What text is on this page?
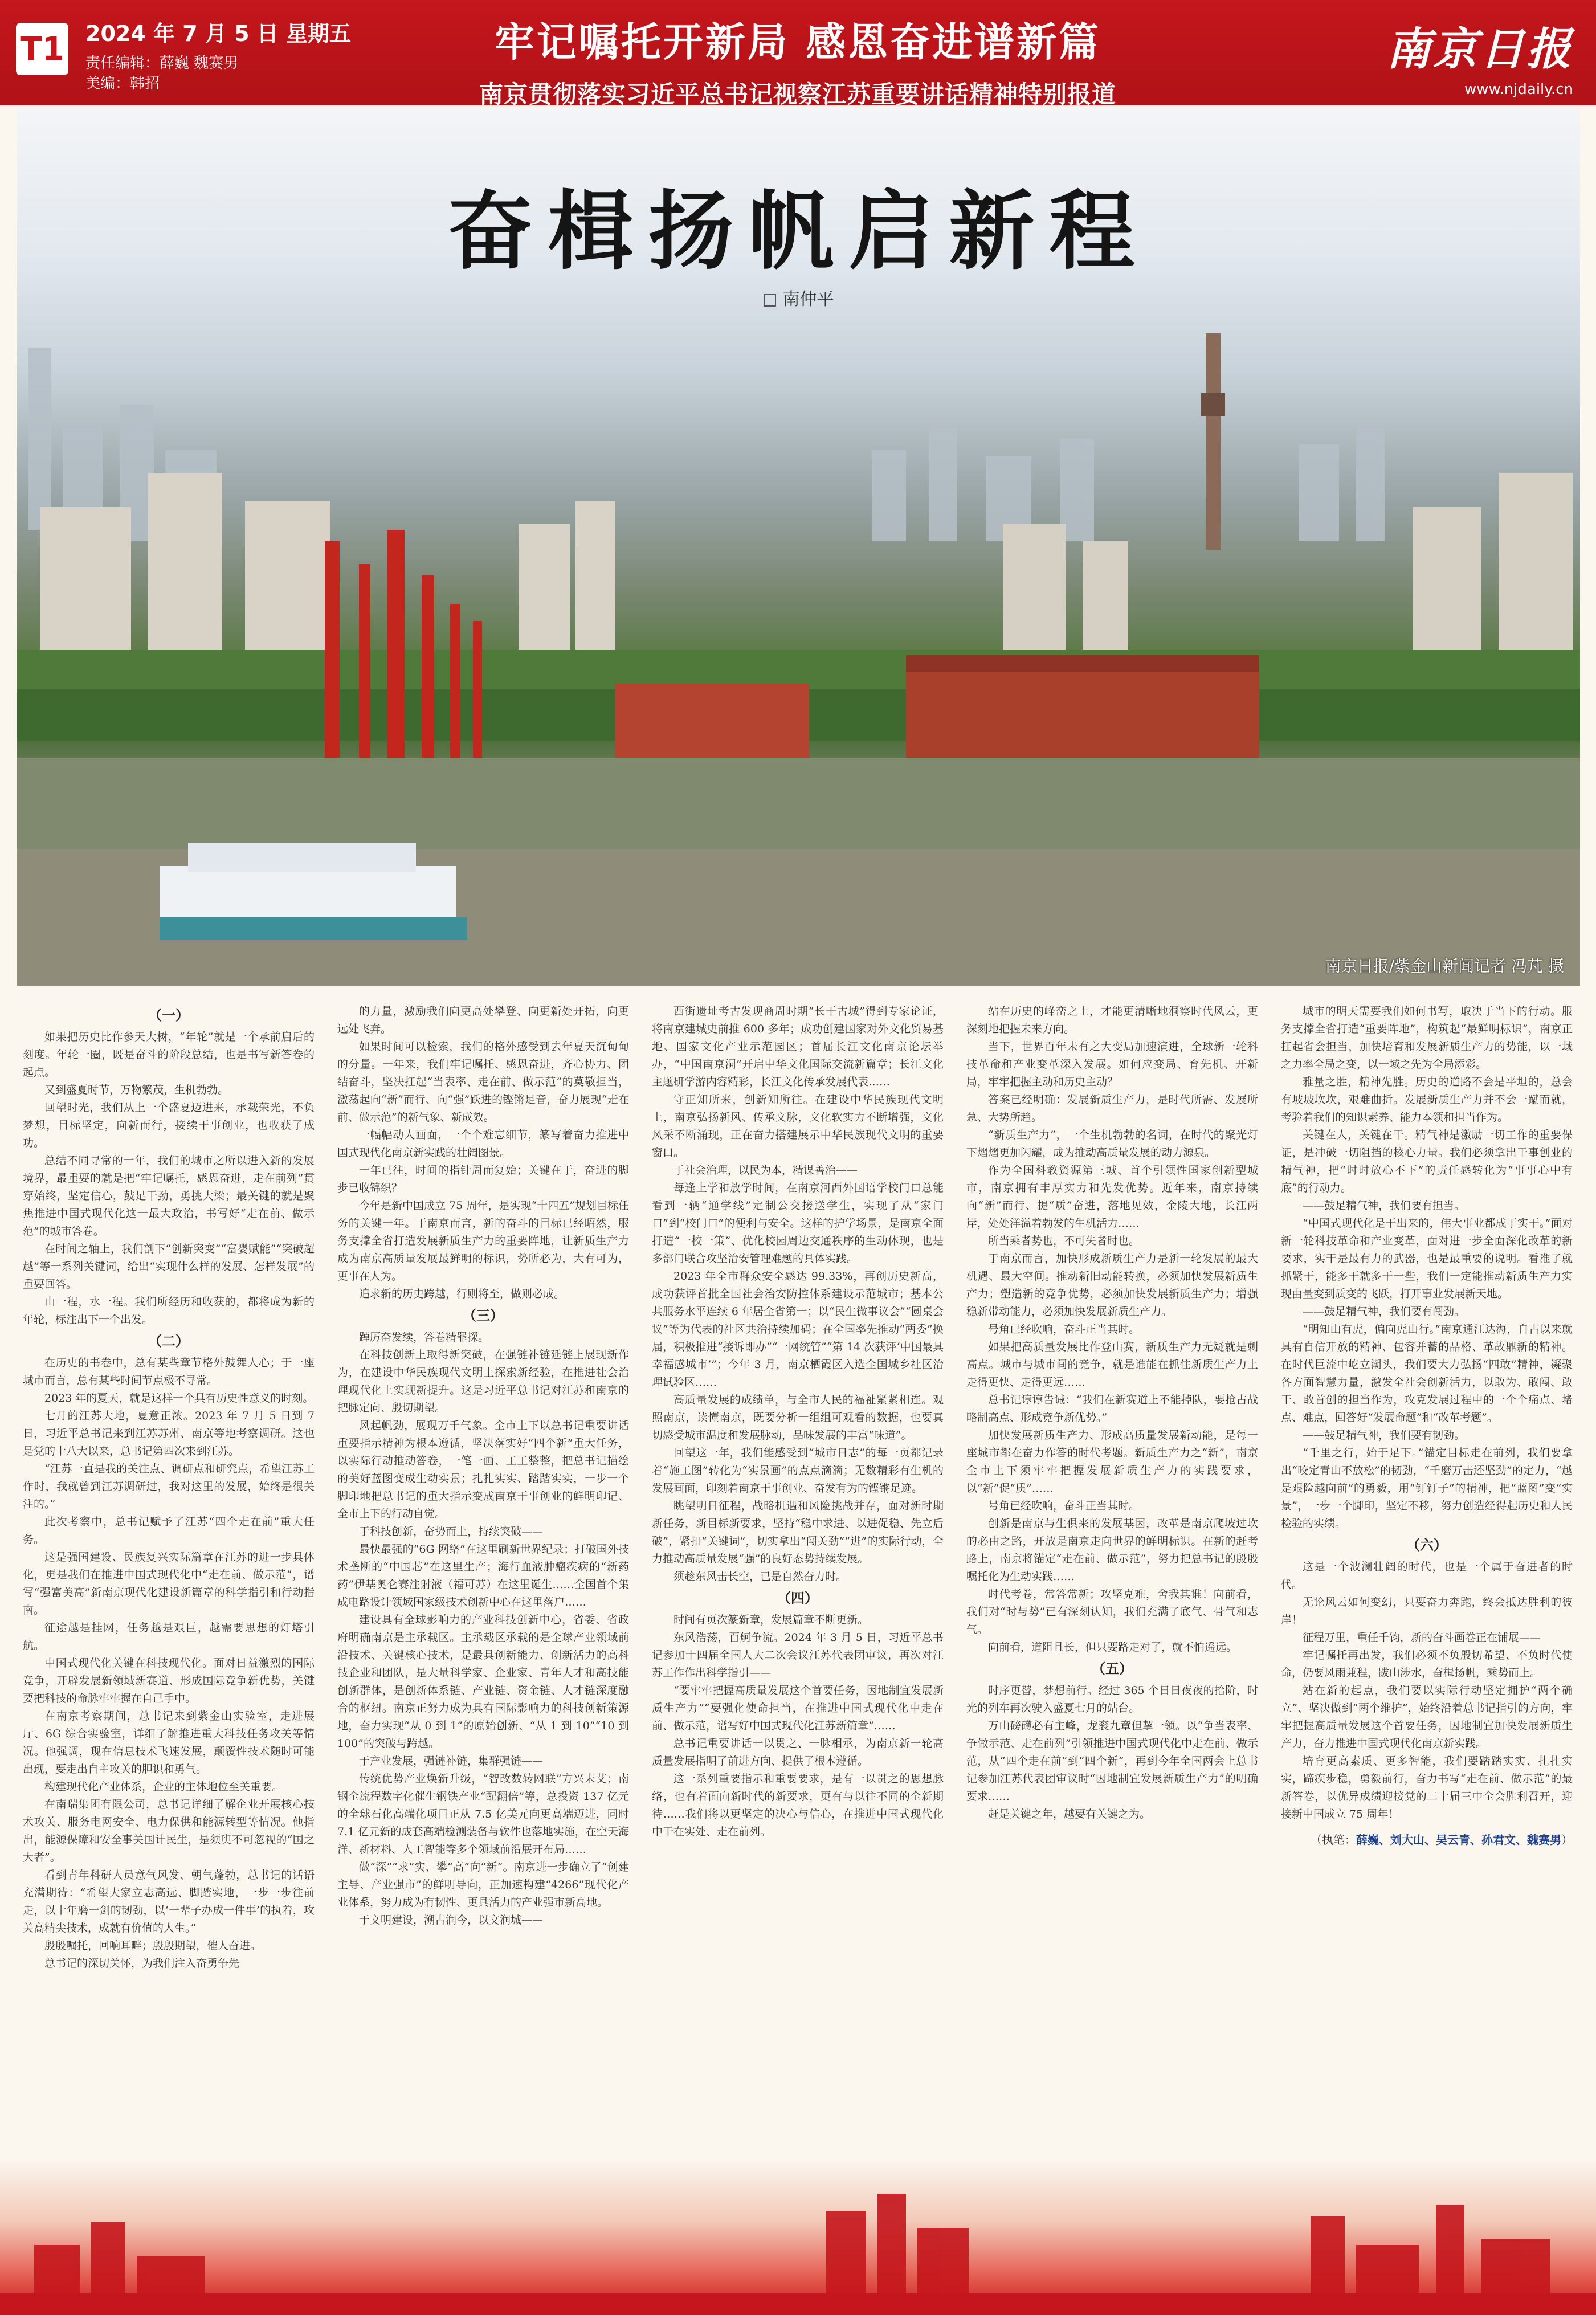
T1 2024 年 7 月 5 日 星期五
责任编辑：薛巍 魏赛男
美编：韩招
牢记嘱托开新局 感恩奋进谱新篇
南京贯彻落实习近平总书记视察江苏重要讲话精神特别报道
南京日报
www.njdaily.cn
奋楫扬帆启新程
南仲平
南京日报/紫金山新闻记者 冯芃 摄
（一）

如果把历史比作参天大树，“年轮”就是一个承前启后的刻度。年轮一圈，既是奋斗的阶段总结，也是书写新答卷的起点。

又到盛夏时节，万物繁茂，生机勃勃。

回望时光，我们从上一个盛夏迈进来，承载荣光，不负梦想，目标坚定，向新而行，接续干事创业，也收获了成功。

总结不同寻常的一年，我们的城市之所以进入新的发展境界，最重要的就是把“牢记嘱托，感恩奋进，走在前列”贯穿始终，坚定信心，鼓足干劲，勇挑大梁；最关键的就是聚焦推进中国式现代化这一最大政治，书写好“走在前、做示范”的城市答卷。

在时间之轴上，我们剖下“创新突变”“富婴赋能”“突破超越”等一系列关键词，给出“实现什么样的发展、怎样发展”的重要回答。

山一程，水一程。我们所经历和收获的，都将成为新的年轮，标注出下一个出发。

（二）

在历史的书卷中，总有某些章节格外鼓舞人心；于一座城市而言，总有某些时间节点极不寻常。

2023 年的夏天，就是这样一个具有历史性意义的时刻。

七月的江苏大地，夏意正浓。2023 年 7 月 5 日到 7 日，习近平总书记来到江苏苏州、南京等地考察调研。这也是党的十八大以来，总书记第四次来到江苏。

“江苏一直是我的关注点、调研点和研究点，希望江苏工作时，我就曾到江苏调研过，我对这里的发展，始终是很关注的。”

此次考察中，总书记赋予了江苏“四个走在前”重大任务。

这是强国建设、民族复兴实际篇章在江苏的进一步具体化，更是我们在推进中国式现代化中“走在前、做示范”，谱写“强富美高”新南京现代化建设新篇章的科学指引和行动指南。

征途越是挂网，任务越是艰巨，越需要思想的灯塔引航。

中国式现代化关键在科技现代化。面对日益激烈的国际竞争，开辟发展新领域新赛道、形成国际竞争新优势，关键要把科技的命脉牢牢握在自己手中。

在南京考察期间，总书记来到紫金山实验室，走进展厅、6G 综合实验室，详细了解推进重大科技任务攻关等情况。他强调，现在信息技术飞速发展，颠覆性技术随时可能出现，要走出自主攻关的胆识和勇气。

构建现代化产业体系，企业的主体地位至关重要。

在南瑞集团有限公司，总书记详细了解企业开展核心技术攻关、服务电网安全、电力保供和能源转型等情况。他指出，能源保障和安全事关国计民生，是须臾不可忽视的“国之大者”。

看到青年科研人员意气风发、朝气蓬勃，总书记的话语充满期待：“希望大家立志高远、脚踏实地，一步一步往前走，以十年磨一剑的韧劲，以‘一辈子办成一件事’的执着，攻关高精尖技术，成就有价值的人生。”

殷殷嘱托，回响耳畔；殷殷期望，催人奋进。

总书记的深切关怀，为我们注入奋勇争先

的力量，激励我们向更高处攀登、向更新处开拓，向更远处飞奔。

如果时间可以检索，我们的格外感受到去年夏天沉甸甸的分量。一年来，我们牢记嘱托、感恩奋进，齐心协力、团结奋斗，坚决扛起“当表率、走在前、做示范”的莫敬担当，激荡起向“新”而行、向“强”跃进的铿锵足音，奋力展现“走在前、做示范”的新气象、新成效。

一幅幅动人画面，一个个难忘细节，篆写着奋力推进中国式现代化南京新实践的壮阔图景。

一年已往，时间的指针周而复始；关键在于，奋进的脚步已收锦织？

今年是新中国成立 75 周年，是实现“十四五”规划目标任务的关键一年。于南京而言，新的奋斗的目标已经昭然，服务支撑全省打造发展新质生产力的重要阵地，让新质生产力成为南京高质量发展最鲜明的标识，势所必为，大有可为，更事在人为。

追求新的历史跨越，行则将至，做则必成。

（三）

踔厉奋发续，答卷精罪探。

在科技创新上取得新突破，在强链补链延链上展现新作为，在建设中华民族现代文明上探索新经验，在推进社会治理现代化上实现新提升。这是习近平总书记对江苏和南京的把脉定向、殷切期望。

风起帆劲，展现万千气象。全市上下以总书记重要讲话重要指示精神为根本遵循，坚决落实好“四个新”重大任务，以实际行动推动答卷，一笔一画、工工整整，把总书记描绘的美好蓝图变成生动实景；扎扎实实、踏踏实实，一步一个脚印地把总书记的重大指示变成南京干事创业的鲜明印记、全市上下的行动自觉。

于科技创新，奋势而上，持续突破——

最快最强的“6G 网络”在这里刷新世界纪录；打破国外技术垄断的“中国芯”在这里生产；海行血液肿瘤疾病的“新药药”伊基奥仑赛注射液（福可苏）在这里诞生……全国首个集成电路设计领域国家级技术创新中心在这里落户……

建设具有全球影响力的产业科技创新中心，省委、省政府明确南京是主承载区。主承载区承载的是全球产业领域前沿技术、关键核心技术，是最具创新能力、创新活力的高科技企业和团队，是大量科学家、企业家、青年人才和高技能创新群体，是创新体系链、产业链、资金链、人才链深度融合的枢纽。南京正努力成为具有国际影响力的科技创新策源地，奋力实现“从 0 到 1”的原始创新、“从 1 到 10”“10 到 100”的突破与跨越。

于产业发展，强链补链，集群强链——

传统优势产业焕新升级，“智改数转网联”方兴未艾；南钢全流程数字化催生钢铁产业“配翻倍”等，总投资 137 亿元的全球石化高端化项目正从 7.5 亿美元向更高端迈进，同时 7.1 亿元新的成套高端检测装备与软件也落地实施，在空天海洋、新材料、人工智能等多个领域前沿展开布局……

做“深”“求”实、攀“高”向“新”。南京进一步确立了“创建主导、产业强市”的鲜明导向，正加速构建“4266”现代化产业体系，努力成为有韧性、更具活力的产业强市新高地。

于文明建设，溯古润今，以文润城——

西街遗址考古发现商周时期“长干古城”得到专家论证，将南京建城史前推 600 多年；成功创建国家对外文化贸易基地、国家文化产业示范园区；首届长江文化南京论坛举办，“中国南京洞”开启中华文化国际交流新篇章；长江文化主题研学游内容精彩，长江文化传承发展代表……

守正知所来，创新知所往。在建设中华民族现代文明上，南京弘扬新风、传承文脉，文化软实力不断增强，文化风采不断涌现，正在奋力搭建展示中华民族现代文明的重要窗口。

于社会治理，以民为本，精谋善治——

每逢上学和放学时间，在南京河西外国语学校门口总能看到一辆“通学线”定制公交接送学生，实现了从“家门口”到“校门口”的便利与安全。这样的护学场景，是南京全面打造“一校一策”、优化校园周边交通秩序的生动体现，也是多部门联合攻坚治安管理难题的具体实践。

2023 年全市群众安全感达 99.33%，再创历史新高，成功获评首批全国社会治安防控体系建设示范城市；基本公共服务水平连续 6 年居全省第一；以“民生微事议会”“圆桌会议”等为代表的社区共治持续加码；在全国率先推动“两委”换届，积极推进“接诉即办”“一网统管”“第 14 次获评‘中国最具幸福感城市’”；今年 3 月，南京栖霞区入选全国城乡社区治理试验区……

高质量发展的成绩单，与全市人民的福祉紧紧相连。观照南京，读懂南京，既要分析一组组可观看的数据，也要真切感受城市温度和发展脉动，品味发展的丰富“味道”。

回望这一年，我们能感受到“城市日志”的每一页都记录着“施工图”转化为“实景画”的点点滴滴；无数精彩有生机的发展画面，印刻着南京干事创业、奋发有为的铿锵足迹。

眺望明日征程，战略机遇和风险挑战并存，面对新时期新任务，新目标新要求，坚持“稳中求进、以进促稳、先立后破”，紧扣“关键词”，切实拿出“闯关劲”“进”的实际行动，全力推动高质量发展“强”的良好态势持续发展。

须趁东风击长空，已是自然奋力时。

（四）

时间有页次篆新章，发展篇章不断更新。

东风浩荡，百舸争流。2024 年 3 月 5 日，习近平总书记参加十四届全国人大二次会议江苏代表团审议，再次对江苏工作作出科学指引——

“要牢牢把握高质量发展这个首要任务，因地制宜发展新质生产力”“要强化使命担当，在推进中国式现代化中走在前、做示范，谱写好中国式现代化江苏新篇章”……

总书记重要讲话一以贯之、一脉相承，为南京新一轮高质量发展指明了前进方向、提供了根本遵循。

这一系列重要指示和重要要求，是有一以贯之的思想脉络，也有着面向新时代的新要求，更有与以往不同的全新期待……我们将以更坚定的决心与信心，在推进中国式现代化中干在实处、走在前列。

站在历史的峰峦之上，才能更清晰地洞察时代风云，更深刻地把握未来方向。

当下，世界百年未有之大变局加速演进，全球新一轮科技革命和产业变革深入发展。如何应变局、育先机、开新局，牢牢把握主动和历史主动？

答案已经明确：发展新质生产力，是时代所需、发展所急、大势所趋。

“新质生产力”，一个生机勃勃的名词，在时代的聚光灯下熠熠更加闪耀，成为推动高质量发展的动力源泉。

作为全国科教资源第三城、首个引领性国家创新型城市，南京拥有丰厚实力和先发优势。近年来，南京持续向“新”而行、提“质”奋进，落地见效，金陵大地，长江两岸，处处洋溢着勃发的生机活力……

所当乘者势也，不可失者时也。

于南京而言，加快形成新质生产力是新一轮发展的最大机遇、最大空间。推动新旧动能转换，必须加快发展新质生产力；塑造新的竞争优势，必须加快发展新质生产力；增强稳新带动能力，必须加快发展新质生产力。

号角已经吹响，奋斗正当其时。

如果把高质量发展比作登山赛，新质生产力无疑就是刺高点。城市与城市间的竞争，就是谁能在抓住新质生产力上走得更快、走得更远……

总书记谆谆告诫：“我们在新赛道上不能掉队，要抢占战略制高点、形成竞争新优势。”

加快发展新质生产力、形成高质量发展新动能，是每一座城市都在奋力作答的时代考题。新质生产力之“新”，南京全市上下须牢牢把握发展新质生产力的实践要求，以“新”促“质”……

号角已经吹响，奋斗正当其时。

创新是南京与生俱来的发展基因，改革是南京爬坡过坎的必由之路，开放是南京走向世界的鲜明标识。在新的赶考路上，南京将锚定“走在前、做示范”，努力把总书记的殷殷嘱托化为生动实践……

时代考卷，常答常新；攻坚克难，舍我其谁！向前看，我们对“时与势”已有深刻认知，我们充满了底气、骨气和志气。

向前看，道阻且长，但只要路走对了，就不怕遥远。

（五）

时序更替，梦想前行。经过 365 个日日夜夜的拾阶，时光的列车再次驶入盛夏七月的站台。

万山磅礴必有主峰，龙衮九章但挈一领。以“争当表率、争做示范、走在前列”引领推进中国式现代化中走在前、做示范，从“四个走在前”到“四个新”，再到今年全国两会上总书记参加江苏代表团审议时“因地制宜发展新质生产力”的明确要求……

赶是关键之年，越要有关键之为。

城市的明天需要我们如何书写，取决于当下的行动。服务支撑全省打造“重要阵地”，构筑起“最鲜明标识”，南京正扛起省会担当，加快培育和发展新质生产力的势能，以一域之力率全局之变，以一域之先为全局添彩。

雅量之胜，精神先胜。历史的道路不会是平坦的，总会有坡坡坎坎，艰难曲折。发展新质生产力并不会一蹴而就，考验着我们的知识素养、能力本领和担当作为。

关键在人，关键在干。精气神是激励一切工作的重要保证，是冲破一切阻挡的核心力量。我们必须拿出干事创业的精气神，把“时时放心不下”的责任感转化为“事事心中有底”的行动力。

——鼓足精气神，我们要有担当。

“中国式现代化是干出来的，伟大事业都成于实干。”面对新一轮科技革命和产业变革，面对进一步全面深化改革的新要求，实干是最有力的武器，也是最重要的说明。看准了就抓紧干，能多干就多干一些，我们一定能推动新质生产力实现由量变到质变的飞跃，打开事业发展新天地。

——鼓足精气神，我们要有闯劲。

“明知山有虎，偏向虎山行。”南京通江达海，自古以来就具有自信开放的精神、包容并蓄的品格、革故鼎新的精神。在时代巨流中屹立潮头，我们要大力弘扬“四敢”精神，凝聚各方面智慧力量，激发全社会创新活力，以敢为、敢闯、敢干、敢首创的担当作为，攻克发展过程中的一个个痛点、堵点、难点，回答好“发展命题”和“改革考题”。

——鼓足精气神，我们要有韧劲。

“千里之行，始于足下。”锚定目标走在前列，我们要拿出“咬定青山不放松”的韧劲，“千磨万击还坚劲”的定力，“越是艰险越向前”的勇毅，用“钉钉子”的精神，把“蓝图”变“实景”，一步一个脚印，坚定不移，努力创造经得起历史和人民检验的实绩。

（六）

这是一个波澜壮阔的时代，也是一个属于奋进者的时代。

无论风云如何变幻，只要奋力奔跑，终会抵达胜利的彼岸！

征程万里，重任千钧，新的奋斗画卷正在铺展——

牢记嘱托再出发，我们必须不负殷切希望、不负时代使命，仍要风雨兼程，跋山涉水，奋楫扬帆，乘势而上。

站在新的起点，我们要以实际行动坚定拥护“两个确立”、坚决做到“两个维护”，始终沿着总书记指引的方向，牢牢把握高质量发展这个首要任务，因地制宜加快发展新质生产力，奋力推进中国式现代化南京新实践。

培育更高素质、更多智能，我们要踏踏实实、扎扎实实，蹄疾步稳，勇毅前行，奋力书写“走在前、做示范”的最新答卷，以优异成绩迎接党的二十届三中全会胜利召开，迎接新中国成立 75 周年！

（执笔：薛巍、刘大山、吴云青、孙君文、魏赛男）
